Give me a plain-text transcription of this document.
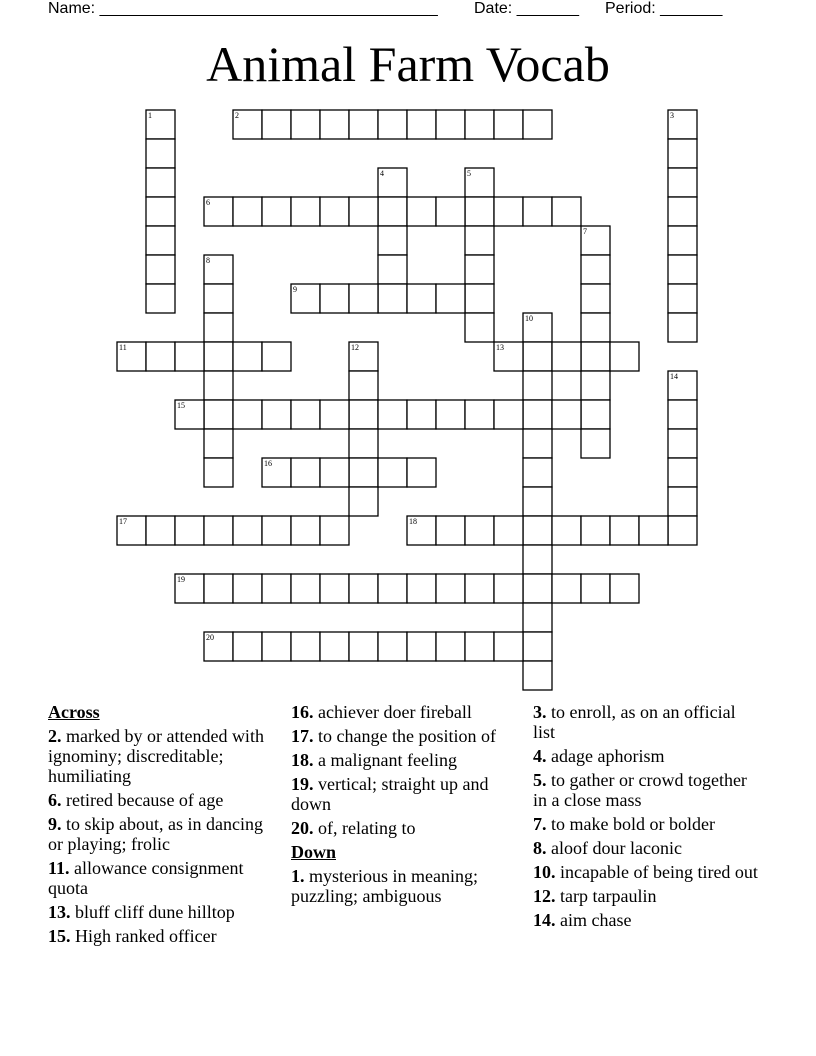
Name: ______________________________________

Date: _______

Period: _______

Animal Farm Vocab
1	2	3
4	5
6
7
8
9
10
11	12	13
14
15
16
17	18
19
20
Across
2. marked by or attended with ignominy; discreditable; humiliating
6. retired because of age
9. to skip about, as in dancing or playing; frolic
11. allowance consignment quota
13. bluff cliff dune hilltop
15. High ranked officer
16. achiever doer fireball
17. to change the position of
18. a malignant feeling
19. vertical; straight up and down
20. of, relating to
Down
1. mysterious in meaning; puzzling; ambiguous
3. to enroll, as on an official list
4. adage aphorism
5. to gather or crowd together in a close mass
7. to make bold or bolder
8. aloof dour laconic
10. incapable of being tired out
12. tarp tarpaulin
14. aim chase
